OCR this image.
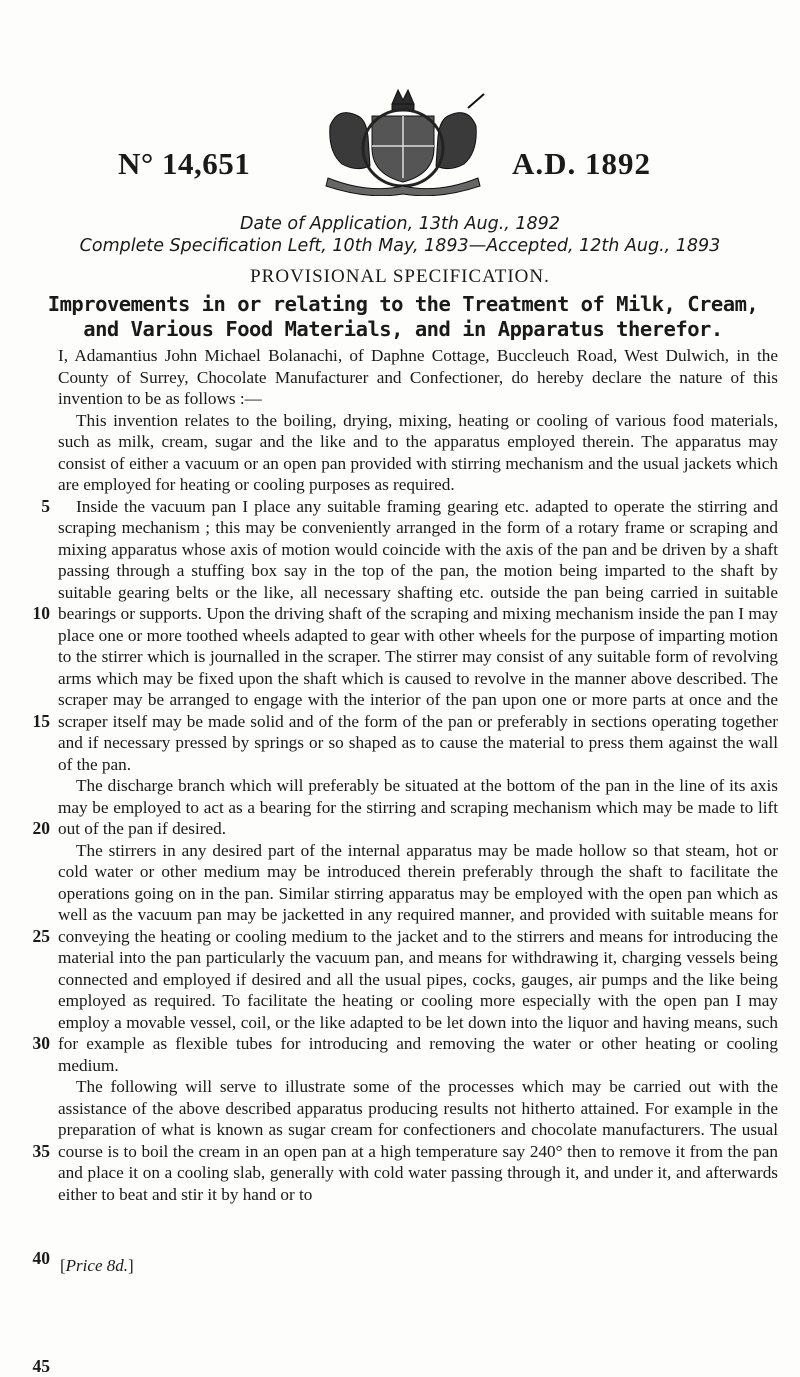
N° 14,651	A.D. 1892
Date of Application, 13th Aug., 1892
Complete Specification Left, 10th May, 1893—Accepted, 12th Aug., 1893
PROVISIONAL SPECIFICATION.
Improvements in or relating to the Treatment of Milk, Cream, and Various Food Materials, and in Apparatus therefor.

I, Adamantius John Michael Bolanachi, of Daphne Cottage, Buccleuch Road, West Dulwich, in the County of Surrey, Chocolate Manufacturer and Confectioner, do hereby declare the nature of this invention to be as follows :—

This invention relates to the boiling, drying, mixing, heating or cooling of various food materials, such as milk, cream, sugar and the like and to the apparatus employed therein. The apparatus may consist of either a vacuum or an open pan provided with stirring mechanism and the usual jackets which are employed for heating or cooling purposes as required.

Inside the vacuum pan I place any suitable framing gearing etc. adapted to operate the stirring and scraping mechanism ; this may be conveniently arranged in the form of a rotary frame or scraping and mixing apparatus whose axis of motion would coincide with the axis of the pan and be driven by a shaft passing through a stuffing box say in the top of the pan, the motion being imparted to the shaft by suitable gearing belts or the like, all necessary shafting etc. outside the pan being carried in suitable bearings or supports. Upon the driving shaft of the scraping and mixing mechanism inside the pan I may place one or more toothed wheels adapted to gear with other wheels for the purpose of imparting motion to the stirrer which is journalled in the scraper. The stirrer may consist of any suitable form of revolving arms which may be fixed upon the shaft which is caused to revolve in the manner above described. The scraper may be arranged to engage with the interior of the pan upon one or more parts at once and the scraper itself may be made solid and of the form of the pan or preferably in sections operating together and if necessary pressed by springs or so shaped as to cause the material to press them against the wall of the pan.

The discharge branch which will preferably be situated at the bottom of the pan in the line of its axis may be employed to act as a bearing for the stirring and scraping mechanism which may be made to lift out of the pan if desired.

The stirrers in any desired part of the internal apparatus may be made hollow so that steam, hot or cold water or other medium may be introduced therein preferably through the shaft to facilitate the operations going on in the pan. Similar stirring apparatus may be employed with the open pan which as well as the vacuum pan may be jacketted in any required manner, and provided with suitable means for conveying the heating or cooling medium to the jacket and to the stirrers and means for introducing the material into the pan particularly the vacuum pan, and means for withdrawing it, charging vessels being connected and employed if desired and all the usual pipes, cocks, gauges, air pumps and the like being employed as required. To facilitate the heating or cooling more especially with the open pan I may employ a movable vessel, coil, or the like adapted to be let down into the liquor and having means, such for example as flexible tubes for introducing and removing the water or other heating or cooling medium.

The following will serve to illustrate some of the processes which may be carried out with the assistance of the above described apparatus producing results not hitherto attained. For example in the preparation of what is known as sugar cream for confectioners and chocolate manufacturers. The usual course is to boil the cream in an open pan at a high temperature say 240° then to remove it from the pan and place it on a cooling slab, generally with cold water passing through it, and under it, and afterwards either to beat and stir it by hand or to

5
10
15
20
25
30
35
40
45
[Price 8d.]
